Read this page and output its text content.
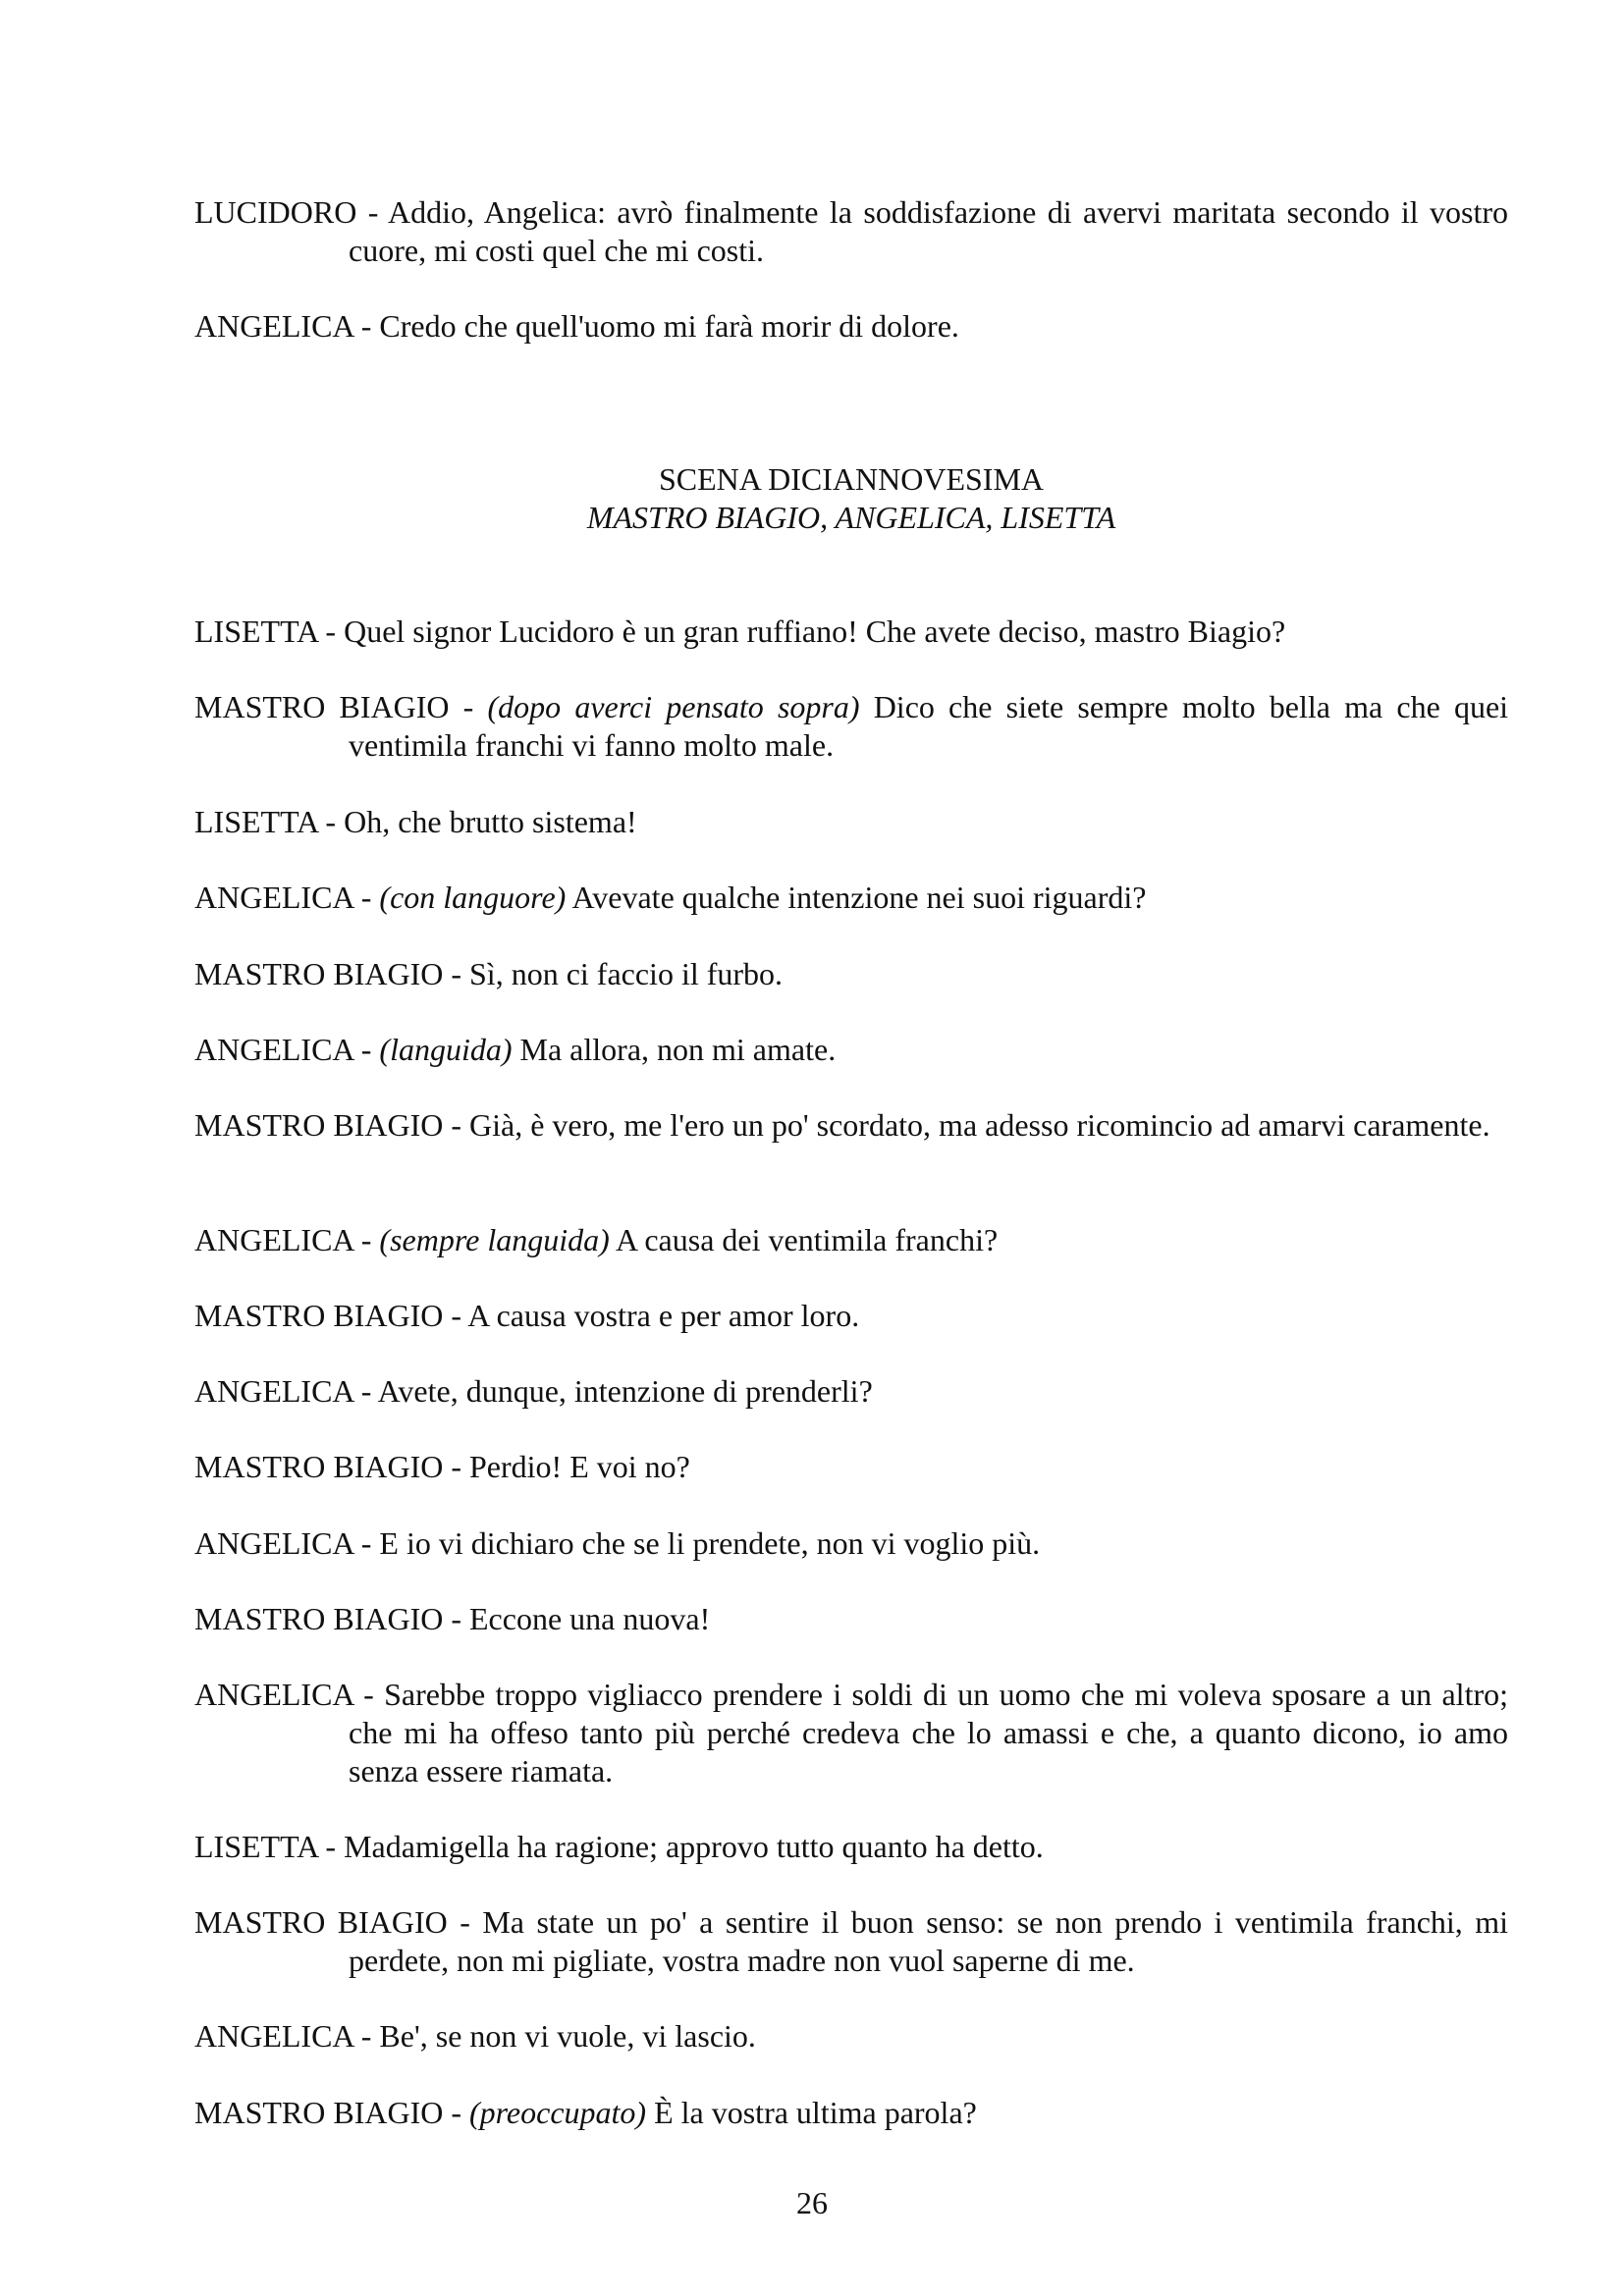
LUCIDORO - Addio, Angelica: avrò finalmente la soddisfazione di avervi maritata secondo il vostro cuore, mi costi quel che mi costi.

ANGELICA - Credo che quell'uomo mi farà morir di dolore.

SCENA DICIANNOVESIMA
MASTRO BIAGIO, ANGELICA, LISETTA

LISETTA - Quel signor Lucidoro è un gran ruffiano! Che avete deciso, mastro Biagio?

MASTRO BIAGIO - (dopo averci pensato sopra) Dico che siete sempre molto bella ma che quei ventimila franchi vi fanno molto male.

LISETTA - Oh, che brutto sistema!

ANGELICA - (con languore) Avevate qualche intenzione nei suoi riguardi?

MASTRO BIAGIO - Sì, non ci faccio il furbo.

ANGELICA - (languida) Ma allora, non mi amate.

MASTRO BIAGIO - Già, è vero, me l'ero un po' scordato, ma adesso ricomincio ad amarvi caramente.

ANGELICA - (sempre languida) A causa dei ventimila franchi?

MASTRO BIAGIO - A causa vostra e per amor loro.

ANGELICA - Avete, dunque, intenzione di prenderli?

MASTRO BIAGIO - Perdio! E voi no?

ANGELICA - E io vi dichiaro che se li prendete, non vi voglio più.

MASTRO BIAGIO - Eccone una nuova!

ANGELICA - Sarebbe troppo vigliacco prendere i soldi di un uomo che mi voleva sposare a un altro; che mi ha offeso tanto più perché credeva che lo amassi e che, a quanto dicono, io amo senza essere riamata.

LISETTA - Madamigella ha ragione; approvo tutto quanto ha detto.

MASTRO BIAGIO - Ma state un po' a sentire il buon senso: se non prendo i ventimila franchi, mi perdete, non mi pigliate, vostra madre non vuol saperne di me.

ANGELICA - Be', se non vi vuole, vi lascio.

MASTRO BIAGIO - (preoccupato) È la vostra ultima parola?

26
